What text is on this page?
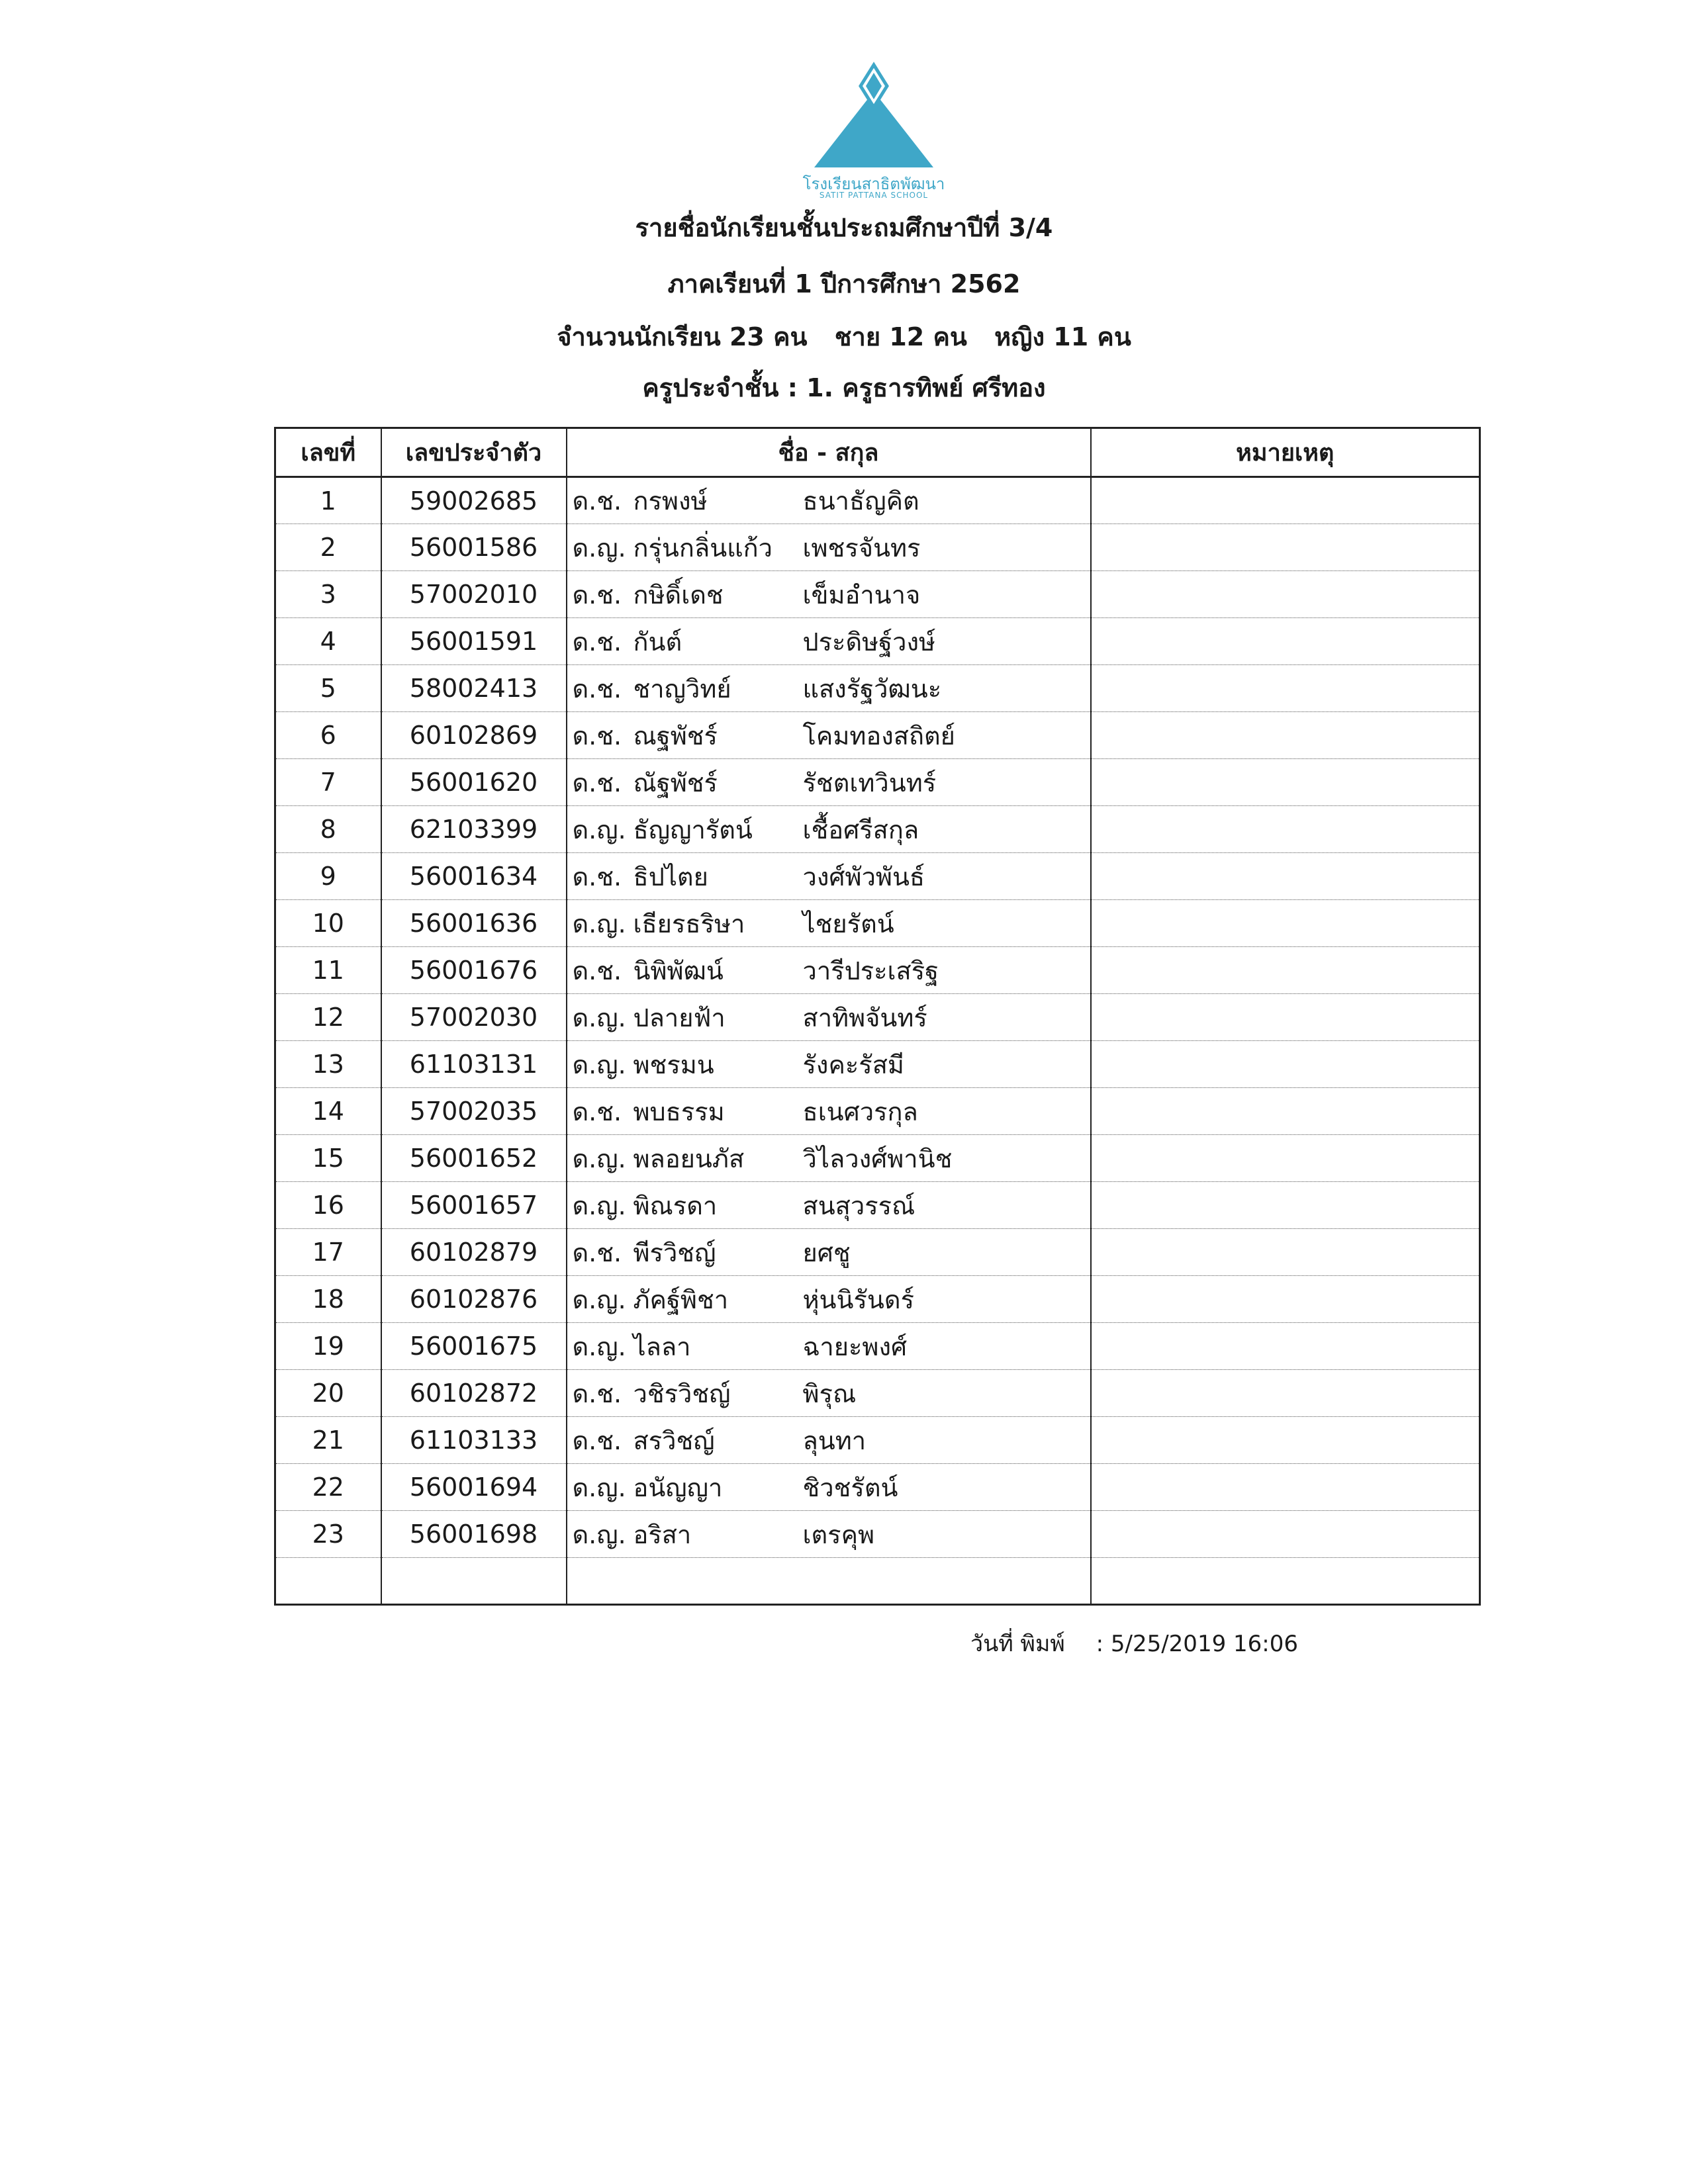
โรงเรียนสาธิตพัฒนา
SATIT PATTANA SCHOOL
รายชื่อนักเรียนชั้นประถมศึกษาปีที่ 3/4
ภาคเรียนที่ 1 ปีการศึกษา 2562
จำนวนนักเรียน 23 คน ชาย 12 คน หญิง 11 คน
ครูประจำชั้น : 1. ครูธารทิพย์ ศรีทอง
เลขที่	เลขประจำตัว	ชื่อ - สกุล	หมายเหตุ
1	59002685	ด.ช. กรพงษ์ ธนาธัญคิต	
2	56001586	ด.ญ. กรุ่นกลิ่นแก้ว เพชรจันทร	
3	57002010	ด.ช. กษิดิ์เดช เข็มอำนาจ	
4	56001591	ด.ช. กันต์ ประดิษฐ์วงษ์	
5	58002413	ด.ช. ชาญวิทย์ แสงรัฐวัฒนะ	
6	60102869	ด.ช. ณฐพัชร์ โคมทองสถิตย์	
7	56001620	ด.ช. ณัฐพัชร์ รัชตเทวินทร์	
8	62103399	ด.ญ. ธัญญารัตน์ เชื้อศรีสกุล	
9	56001634	ด.ช. ธิปไตย วงศ์พัวพันธ์	
10	56001636	ด.ญ. เธียรธริษา ไชยรัตน์	
11	56001676	ด.ช. นิพิพัฒน์ วารีประเสริฐ	
12	57002030	ด.ญ. ปลายฟ้า สาทิพจันทร์	
13	61103131	ด.ญ. พชรมน รังคะรัสมี	
14	57002035	ด.ช. พบธรรม ธเนศวรกุล	
15	56001652	ด.ญ. พลอยนภัส วิไลวงศ์พานิช	
16	56001657	ด.ญ. พิณรดา สนสุวรรณ์	
17	60102879	ด.ช. พีรวิชญ์ ยศชู	
18	60102876	ด.ญ. ภัคฐ์พิชา หุ่นนิรันดร์	
19	56001675	ด.ญ. ไลลา ฉายะพงศ์	
20	60102872	ด.ช. วชิรวิชญ์ พิรุณ	
21	61103133	ด.ช. สรวิชญ์ ลุนทา	
22	56001694	ด.ญ. อนัญญา ชิวชรัตน์	
23	56001698	ด.ญ. อริสา เตรคุพ	

วันที่ พิมพ์ : 5/25/2019 16:06
